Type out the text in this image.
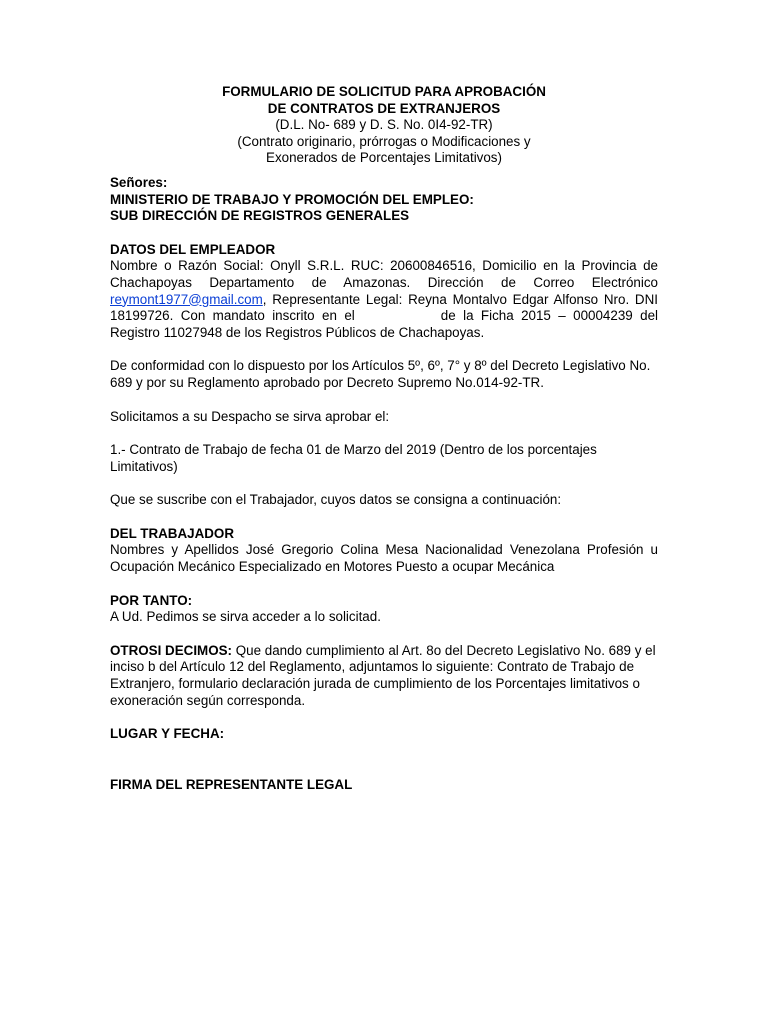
FORMULARIO DE SOLICITUD PARA APROBACIÓN

DE CONTRATOS DE EXTRANJEROS

(D.L. No- 689 y D. S. No. 0I4-92-TR)

(Contrato originario, prórrogas o Modificaciones y

Exonerados de Porcentajes Limitativos)

Señores:

MINISTERIO DE TRABAJO Y PROMOCIÓN DEL EMPLEO:

SUB DIRECCIÓN DE REGISTROS GENERALES

DATOS DEL EMPLEADOR

Nombre o Razón Social: Onyll S.R.L. RUC: 20600846516, Domicilio en la Provincia de Chachapoyas Departamento de Amazonas. Dirección de Correo Electrónico reymont1977@gmail.com, Representante Legal: Reyna Montalvo Edgar Alfonso Nro. DNI 18199726. Con mandato inscrito en el	de la Ficha 2015 – 00004239 del Registro 11027948 de los Registros Públicos de Chachapoyas.

De conformidad con lo dispuesto por los Artículos 5º, 6º, 7° y 8º del Decreto Legislativo No. 689 y por su Reglamento aprobado por Decreto Supremo No.014-92-TR.

Solicitamos a su Despacho se sirva aprobar el:

1.- Contrato de Trabajo de fecha 01 de Marzo del 2019 (Dentro de los porcentajes Limitativos)

Que se suscribe con el Trabajador, cuyos datos se consigna a continuación:

DEL TRABAJADOR

Nombres y Apellidos José Gregorio Colina Mesa Nacionalidad Venezolana Profesión u Ocupación Mecánico Especializado en Motores Puesto a ocupar Mecánica

POR TANTO:

A Ud. Pedimos se sirva acceder a lo solicitad.

OTROSI DECIMOS: Que dando cumplimiento al Art. 8o del Decreto Legislativo No. 689 y el inciso b del Artículo 12 del Reglamento, adjuntamos lo siguiente: Contrato de Trabajo de Extranjero, formulario declaración jurada de cumplimiento de los Porcentajes limitativos o exoneración según corresponda.

LUGAR Y FECHA:

FIRMA DEL REPRESENTANTE LEGAL
